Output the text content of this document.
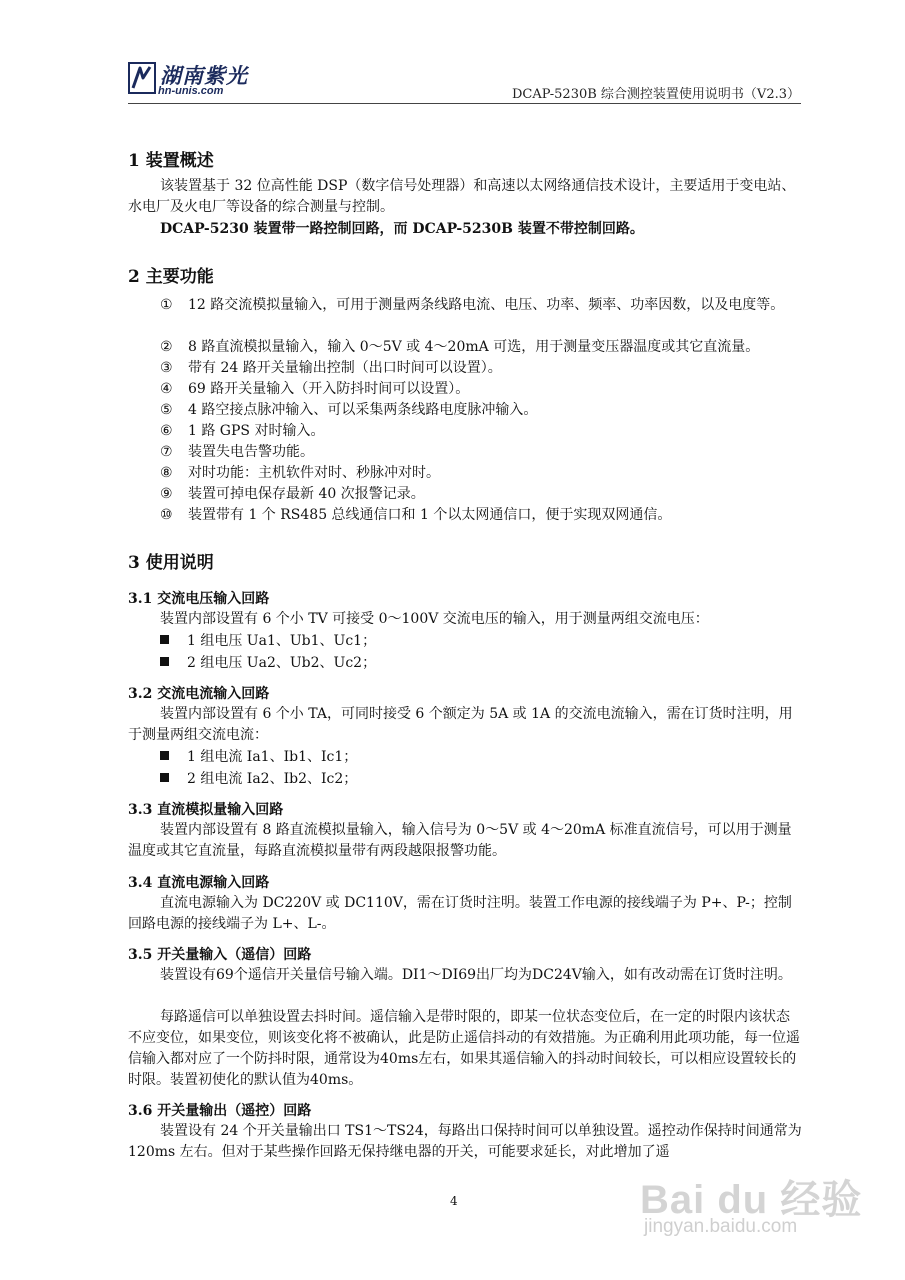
湖南紫光
hn-unis.com	DCAP-5230B 综合测控装置使用说明书（V2.3）
1 装置概述
该装置基于 32 位高性能 DSP（数字信号处理器）和高速以太网络通信技术设计，主要适用于变电站、水电厂及火电厂等设备的综合测量与控制。
DCAP-5230 装置带一路控制回路，而 DCAP-5230B 装置不带控制回路。
2 主要功能
① 12 路交流模拟量输入，可用于测量两条线路电流、电压、功率、频率、功率因数，以及电度等。
② 8 路直流模拟量输入，输入 0～5V 或 4～20mA 可选，用于测量变压器温度或其它直流量。
③ 带有 24 路开关量输出控制（出口时间可以设置）。
④ 69 路开关量输入（开入防抖时间可以设置）。
⑤ 4 路空接点脉冲输入、可以采集两条线路电度脉冲输入。
⑥ 1 路 GPS 对时输入。
⑦ 装置失电告警功能。
⑧ 对时功能：主机软件对时、秒脉冲对时。
⑨ 装置可掉电保存最新 40 次报警记录。
⑩ 装置带有 1 个 RS485 总线通信口和 1 个以太网通信口，便于实现双网通信。
3 使用说明
3.1 交流电压输入回路
装置内部设置有 6 个小 TV 可接受 0～100V 交流电压的输入，用于测量两组交流电压：
1 组电压 Ua1、Ub1、Uc1；
2 组电压 Ua2、Ub2、Uc2；
3.2 交流电流输入回路
装置内部设置有 6 个小 TA，可同时接受 6 个额定为 5A 或 1A 的交流电流输入，需在订货时注明，用于测量两组交流电流：
1 组电流 Ia1、Ib1、Ic1；
2 组电流 Ia2、Ib2、Ic2；
3.3 直流模拟量输入回路
装置内部设置有 8 路直流模拟量输入，输入信号为 0～5V 或 4～20mA 标准直流信号，可以用于测量温度或其它直流量，每路直流模拟量带有两段越限报警功能。
3.4 直流电源输入回路
直流电源输入为 DC220V 或 DC110V，需在订货时注明。装置工作电源的接线端子为 P+、P-；控制回路电源的接线端子为 L+、L-。
3.5 开关量输入（遥信）回路
装置设有69个遥信开关量信号输入端。DI1～DI69出厂均为DC24V输入，如有改动需在订货时注明。
每路遥信可以单独设置去抖时间。遥信输入是带时限的，即某一位状态变位后，在一定的时限内该状态不应变位，如果变位，则该变化将不被确认，此是防止遥信抖动的有效措施。为正确利用此项功能，每一位遥信输入都对应了一个防抖时限，通常设为40ms左右，如果其遥信输入的抖动时间较长，可以相应设置较长的时限。装置初使化的默认值为40ms。
3.6 开关量输出（遥控）回路
装置设有 24 个开关量输出口 TS1～TS24，每路出口保持时间可以单独设置。遥控动作保持时间通常为 120ms 左右。但对于某些操作回路无保持继电器的开关，可能要求延长，对此增加了遥
4	Bai du 经验
jingyan.baidu.com
